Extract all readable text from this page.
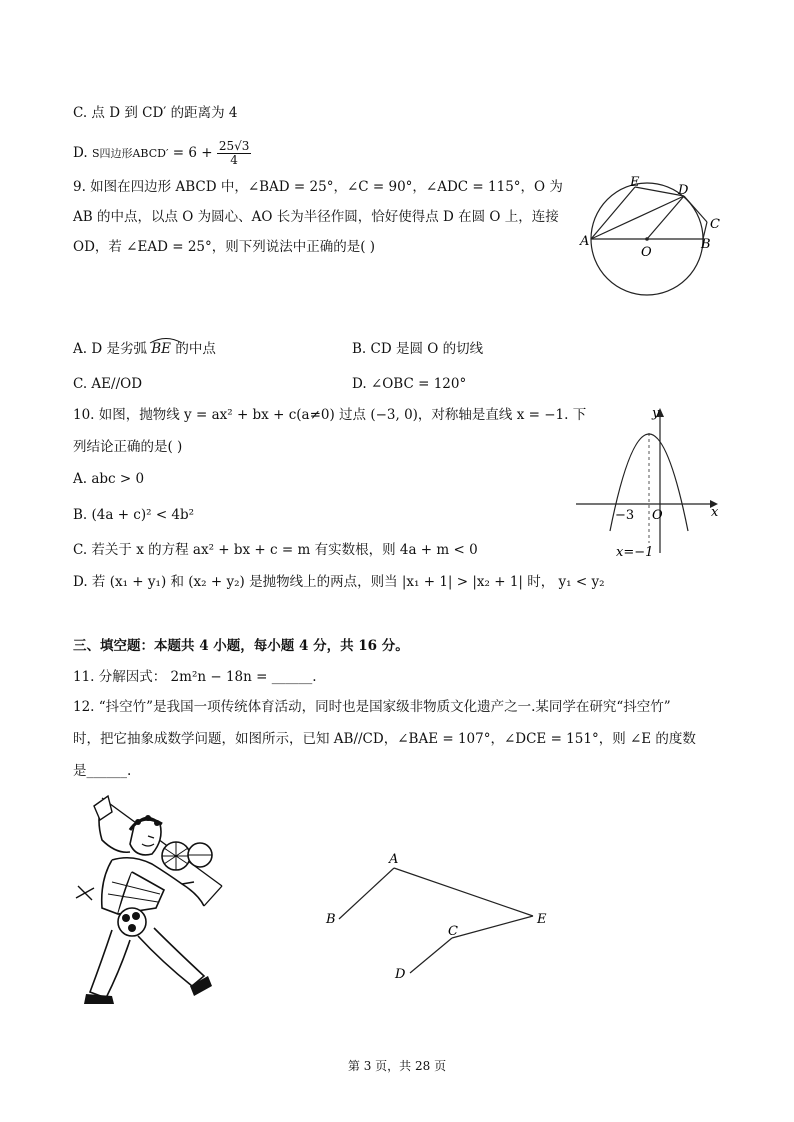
C. 点 D 到 CD′ 的距离为 4
D. S四边形ABCD′ = $6 + \frac{25√3}{4}$
9. 如图在四边形 ABCD 中，∠BAD = 25°，∠C = 90°，∠ADC = 115°，O 为
AB 的中点，以点 O 为圆心、AO 长为半径作圆，恰好使得点 D 在圆 O 上，连接
OD，若 ∠EAD = 25°，则下列说法中正确的是( )	A	B
C
D
E
O
A. D 是劣弧 BE 的中点	B. CD 是圆 O 的切线
C. AE//OD	D. ∠OBC = 120°
10. 如图，抛物线 y = ax² + bx + c(a≠0) 过点 (−3, 0)，对称轴是直线 x = −1. 下
列结论正确的是( )
A. abc > 0
B. (4a + c)² < 4b²
C. 若关于 x 的方程 ax² + bx + c = m 有实数根，则 4a + m < 0
D. 若 (x₁ + y₁) 和 (x₂ + y₂) 是抛物线上的两点，则当 |x₁ + 1| > |x₂ + 1| 时， y₁ < y₂
y
x
−3 O
x=−1
三、填空题：本题共 4 小题，每小题 4 分，共 16 分。
11. 分解因式： 2m²n − 18n = ______.
12. “抖空竹”是我国一项传统体育活动，同时也是国家级非物质文化遗产之一.某同学在研究“抖空竹”
时，把它抽象成数学问题，如图所示，已知 AB//CD，∠BAE = 107°，∠DCE = 151°，则 ∠E 的度数
是______.
A
B
C
D
E
第 3 页，共 28 页
